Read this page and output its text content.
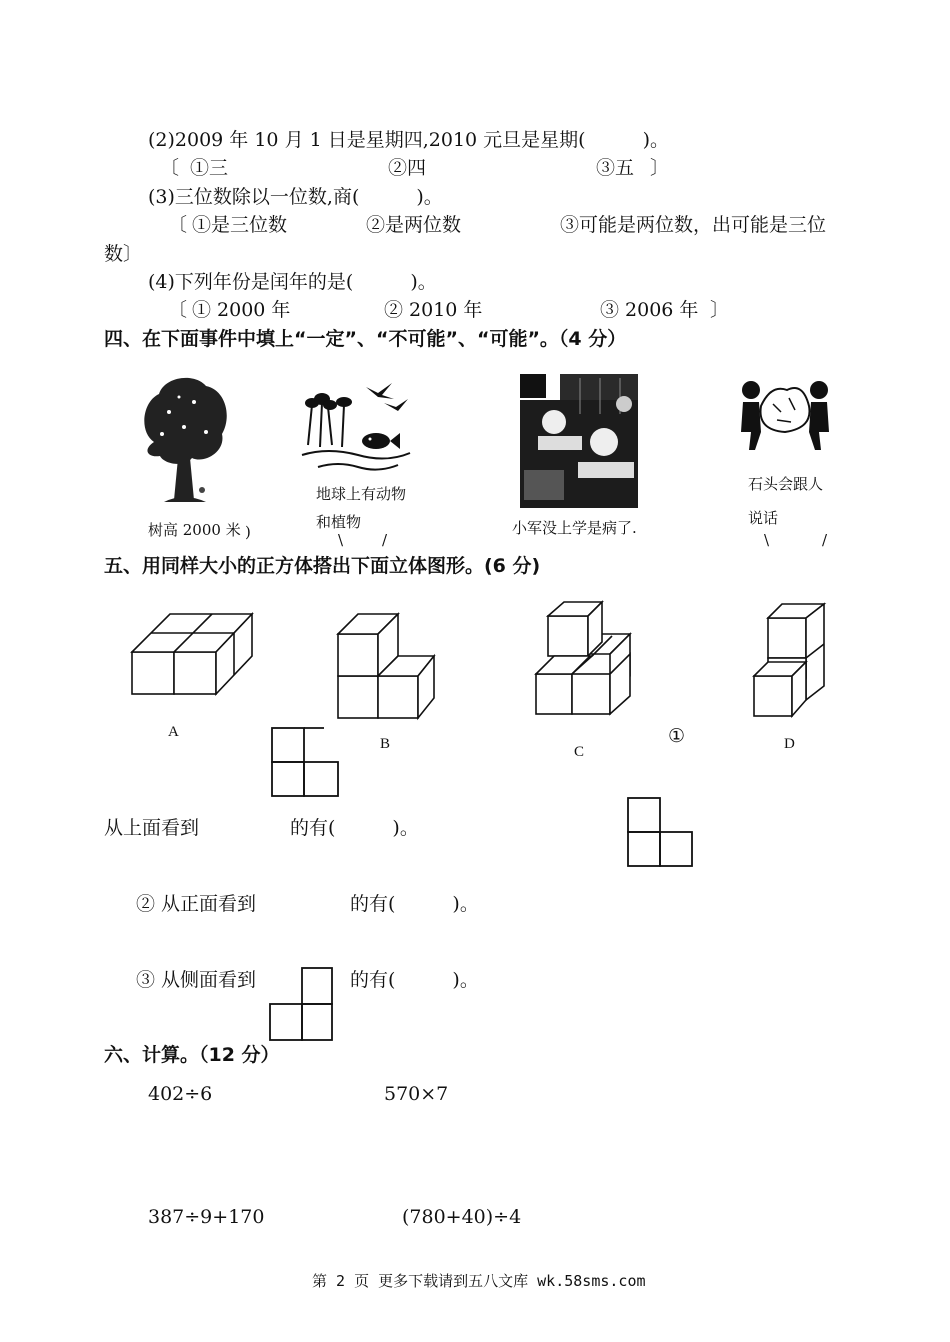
(2)2009 年 10 月 1 日是星期四,2010 元旦是星期(　　　)。
〔 ①三	②四	③五 〕
(3)三位数除以一位数,商(　　　)。
〔 ①是三位数	②是两位数	③可能是两位数，出可能是三位
数〕
(4)下列年份是闰年的是(　　　)。
〔 ① 2000 年	② 2010 年	③ 2006 年 〕
四、在下面事件中填上“一定”、“不可能”、“可能”。（4 分）
树高 2000 米 )
地球上有动物
和植物
\	/
小军没上学是病了.
石头会跟人
说话
\	/
五、用同样大小的正方体搭出下面立体图形。(6 分)
A
B	C
①	D
从上面看到	的有(　　　)。
② 从正面看到	的有(　　　)。
③ 从侧面看到	的有(　　　)。
六、计算。（12 分）
402÷6	570×7
387÷9+170	(780+40)÷4
第 2 页 更多下载请到五八文库 wk.58sms.com
